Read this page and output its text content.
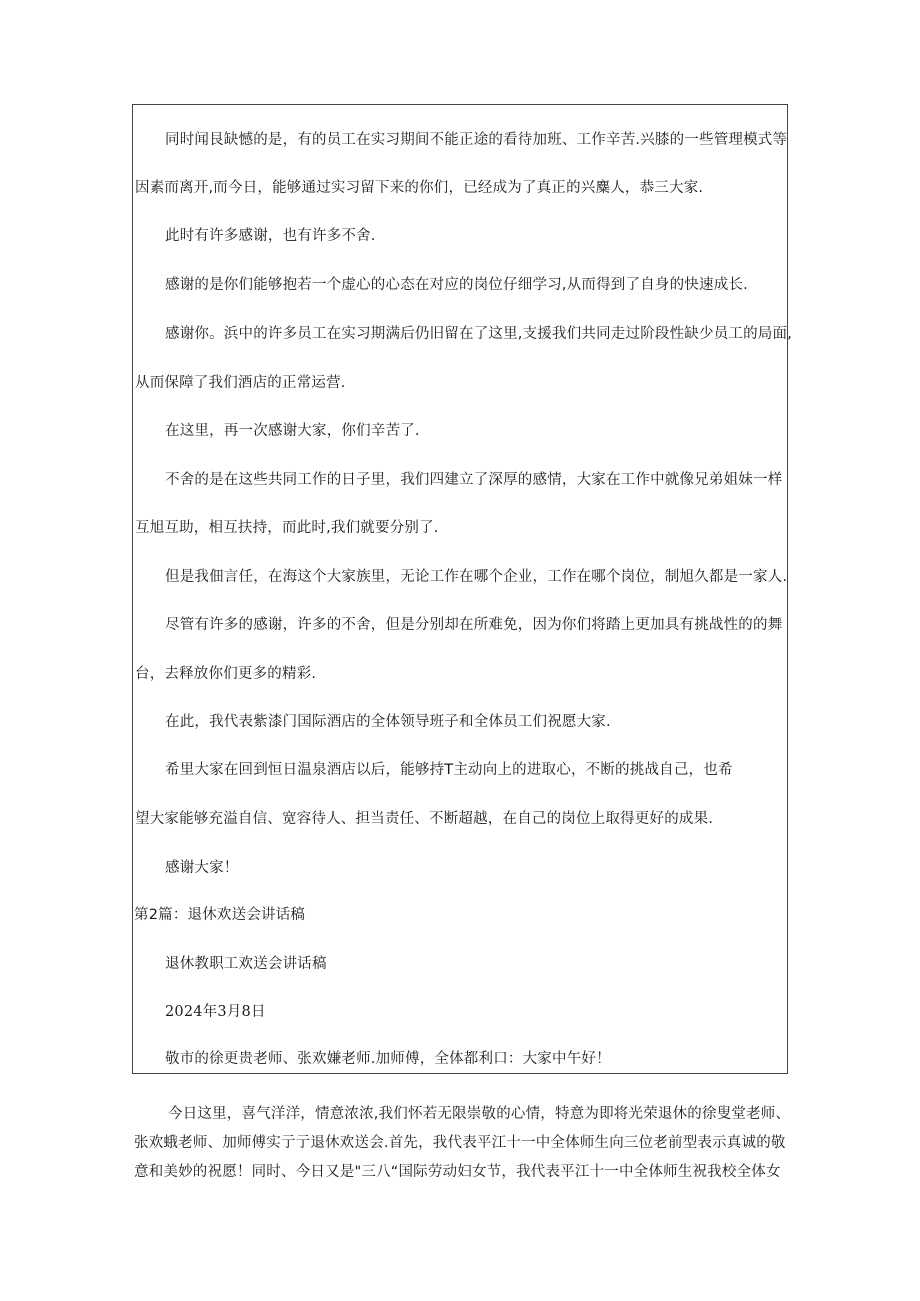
同时闻艮缺憾的是，有的员工在实习期间不能正途的看待加班、工作辛苦.兴膝的一些管理模式等
因素而离开,而今日，能够通过实习留下来的你们，已经成为了真正的兴麋人，恭三大家.
此时有许多感谢，也有许多不舍.
感谢的是你们能够抱若一个虚心的心态在对应的岗位仔细学习,从而得到了自身的快速成长.
感谢你。浜中的许多员工在实习期满后仍旧留在了这里,支援我们共同走过阶段性缺少员工的局面,
从而保障了我们酒店的正常运营.
在这里，再一次感谢大家，你们辛苦了.
不舍的是在这些共同工作的日子里，我们四建立了深厚的感情，大家在工作中就像兄弟姐妹一样
互旭互助，相互扶持，而此时,我们就要分别了.
但是我佃言任，在海这个大家族里，无论工作在哪个企业，工作在哪个岗位，制旭久都是一家人.
尽管有许多的感谢，许多的不舍，但是分别却在所难免，因为你们将踏上更加具有挑战性的的舞
台，去释放你们更多的精彩.
在此，我代表紫漆门国际酒店的全体领导班子和全体员工们祝愿大家.
希里大家在回到恒日温泉酒店以后，能够持T主动向上的进取心，不断的挑战自己，也希
望大家能够充溢自信、宽容待人、担当责任、不断超越，在自己的岗位上取得更好的成果.
感谢大家！
第2篇：退休欢送会讲话稿
退休教职工欢送会讲话稿
2024年3月8日
敬市的徐更贵老师、张欢嫌老师.加师傅，全体都利口：大家中午好！
今日这里，喜气洋洋，情意浓浓,我们怀若无限崇敬的心情，特意为即将光荣退休的徐叟堂老师、
张欢蛾老师、加师傅实亍亍退休欢送会.首先，我代表平江十一中全体师生向三位老前型表示真诚的敬
意和美妙的祝愿！同时、今日又是"三八“国际劳动妇女节，我代表平江十一中全体师生祝我校全体女
